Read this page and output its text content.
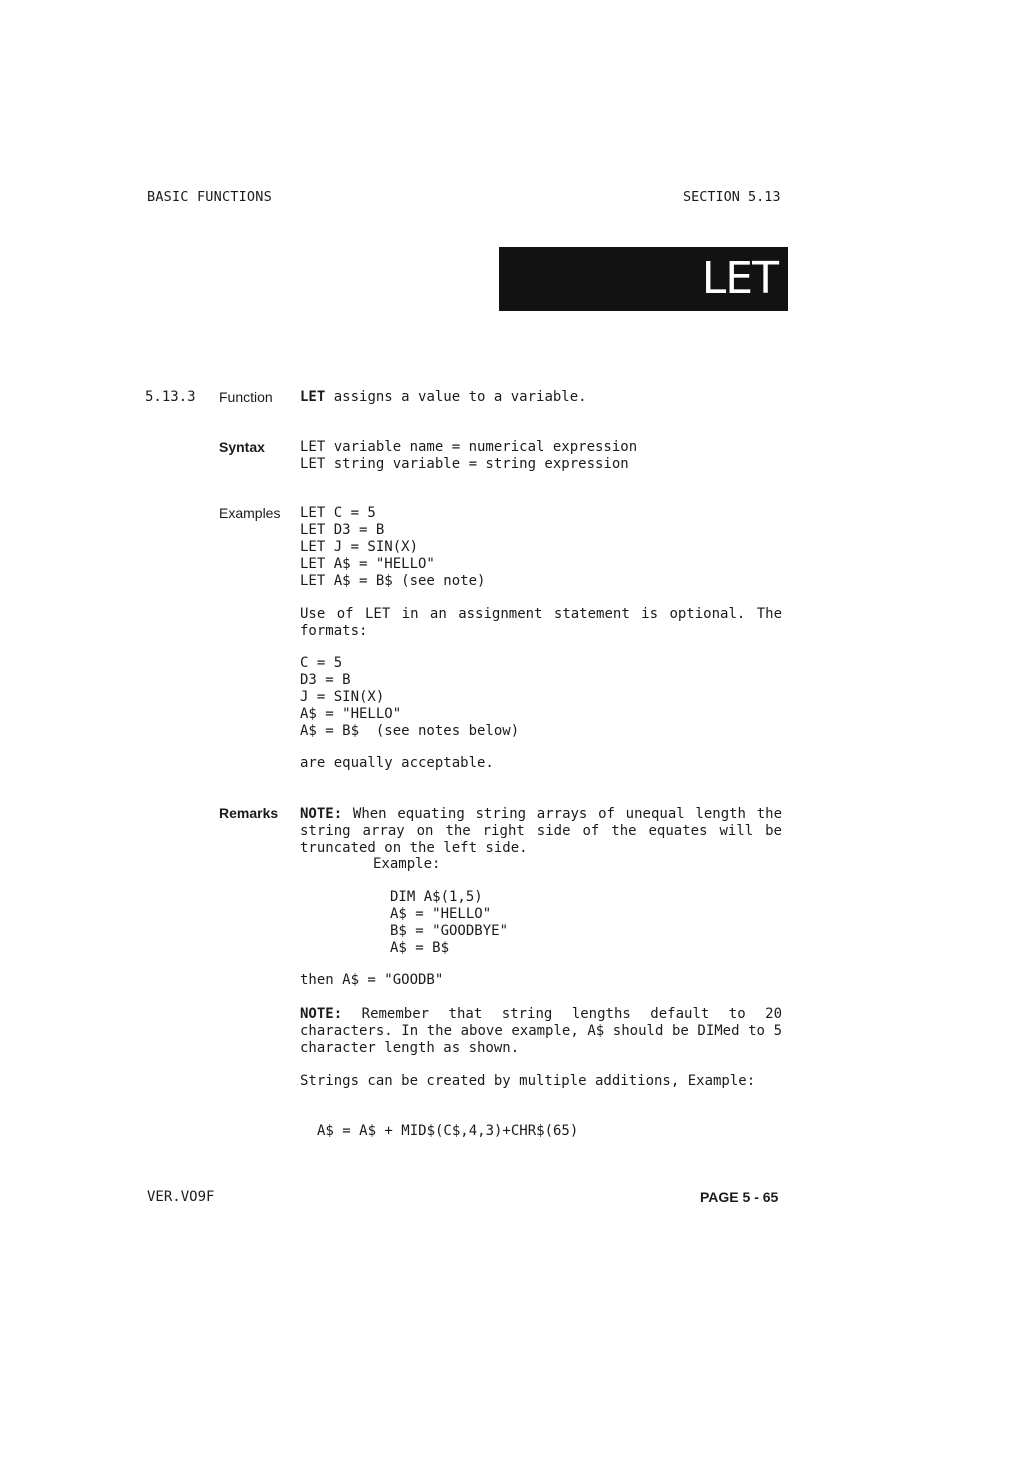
BASIC FUNCTIONS	SECTION 5.13
LET
5.13.3 Function LET assigns a value to a variable.
Syntax	LET variable name = numerical expression
LET string variable = string expression
Examples LET C = 5
LET D3 = B
LET J = SIN(X)
LET A$ = "HELLO"
LET A$ = B$ (see note)
Use of LET in an assignment statement is optional. The formats:
C = 5
D3 = B
J = SIN(X)
A$ = "HELLO"
A$ = B$  (see notes below)
are equally acceptable.
Remarks NOTE: When equating string arrays of unequal length the string array on the right side of the equates will be truncated on the left side.
Example:
DIM A$(1,5)
A$ = "HELLO"
B$ = "GOODBYE"
A$ = B$
then A$ = "GOODB"
NOTE: Remember that string lengths default to 20 characters. In the above example, A$ should be DIMed to 5 character length as shown.
Strings can be created by multiple additions, Example:
A$ = A$ + MID$(C$,4,3)+CHR$(65)
VER.VO9F	PAGE 5 - 65
